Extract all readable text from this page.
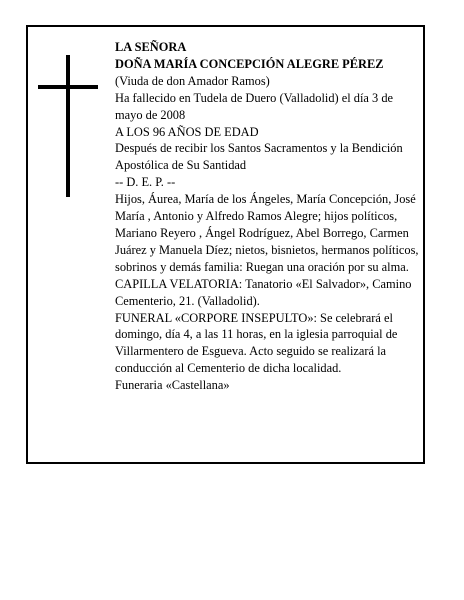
LA SEÑORA

DOÑA MARÍA CONCEPCIÓN ALEGRE PÉREZ

(Viuda de don Amador Ramos)

Ha fallecido en Tudela de Duero (Valladolid) el día 3 de mayo de 2008

A LOS 96 AÑOS DE EDAD

Después de recibir los Santos Sacramentos y la Bendición Apostólica de Su Santidad

-- D. E. P. --

Hijos, Áurea, María de los Ángeles, María Concepción, José María , Antonio y Alfredo Ramos Alegre; hijos políticos, Mariano Reyero , Ángel Rodríguez, Abel Borrego, Carmen Juárez y Manuela Díez; nietos, bisnietos, hermanos políticos, sobrinos y demás familia: Ruegan una oración por su alma.

CAPILLA VELATORIA: Tanatorio «El Salvador», Camino Cementerio, 21. (Valladolid).

FUNERAL «CORPORE INSEPULTO»: Se celebrará el domingo, día 4, a las 11 horas, en la iglesia parroquial de Villarmentero de Esgueva. Acto seguido se realizará la conducción al Cementerio de dicha localidad.

Funeraria «Castellana»
